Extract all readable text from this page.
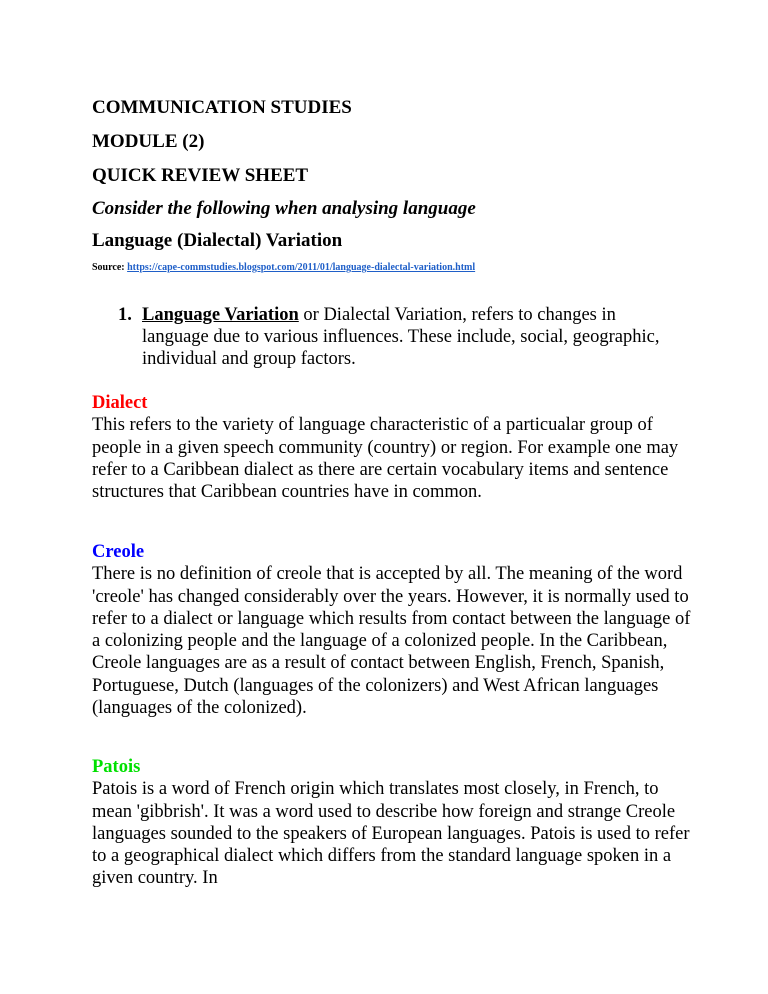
COMMUNICATION STUDIES
MODULE (2)
QUICK REVIEW SHEET
Consider the following when analysing language
Language (Dialectal) Variation
Source: https://cape-commstudies.blogspot.com/2011/01/language-dialectal-variation.html
1. Language Variation or Dialectal Variation, refers to changes in language due to various influences. These include, social, geographic, individual and group factors.
Dialect

This refers to the variety of language characteristic of a particualar group of people in a given speech community (country) or region. For example one may refer to a Caribbean dialect as there are certain vocabulary items and sentence structures that Caribbean countries have in common.

Creole

There is no definition of creole that is accepted by all. The meaning of the word 'creole' has changed considerably over the years. However, it is normally used to refer to a dialect or language which results from contact between the language of a colonizing people and the language of a colonized people. In the Caribbean, Creole languages are as a result of contact between English, French, Spanish, Portuguese, Dutch (languages of the colonizers) and West African languages (languages of the colonized).

Patois

Patois is a word of French origin which translates most closely, in French, to mean 'gibbrish'. It was a word used to describe how foreign and strange Creole languages sounded to the speakers of European languages. Patois is used to refer to a geographical dialect which differs from the standard language spoken in a given country. In
